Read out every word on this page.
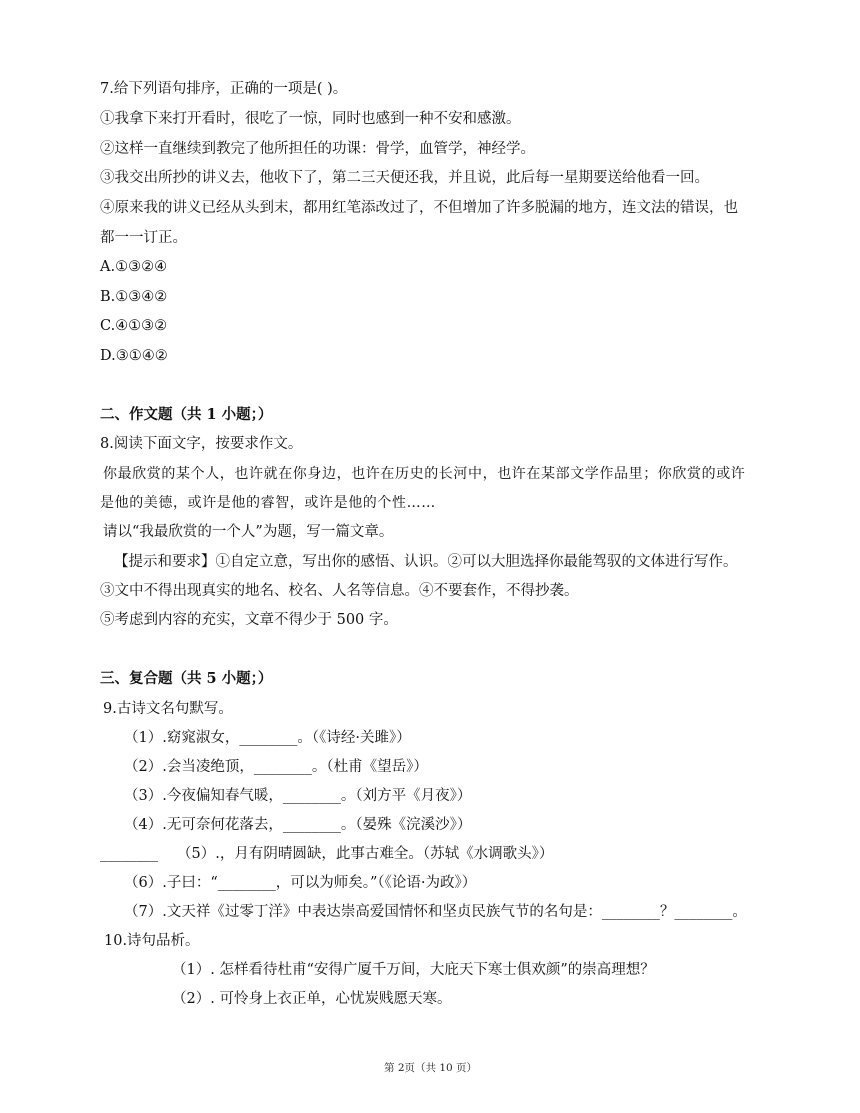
7.给下列语句排序，正确的一项是( )。
①我拿下来打开看时，很吃了一惊，同时也感到一种不安和感激。
②这样一直继续到教完了他所担任的功课：骨学，血管学，神经学。
③我交出所抄的讲义去，他收下了，第二三天便还我，并且说，此后每一星期要送给他看一回。
④原来我的讲义已经从头到末，都用红笔添改过了，不但增加了许多脱漏的地方，连文法的错误，也
都一一订正。
A.①③②④
B.①③④②
C.④①③②
D.③①④②
二、作文题（共 1 小题；）
8.阅读下面文字，按要求作文。
你最欣赏的某个人，也许就在你身边，也许在历史的长河中，也许在某部文学作品里；你欣赏的或许
是他的美德，或许是他的睿智，或许是他的个性……
请以“我最欣赏的一个人”为题，写一篇文章。
【提示和要求】①自定立意，写出你的感悟、认识。②可以大胆选择你最能驾驭的文体进行写作。
③文中不得出现真实的地名、校名、人名等信息。④不要套作，不得抄袭。
⑤考虑到内容的充实，文章不得少于 500 字。
三、复合题（共 5 小题；）
9.古诗文名句默写。
（1）.窈窕淑女，________。（《诗经·关雎》）
（2）.会当凌绝顶，________。（杜甫《望岳》）
（3）.今夜偏知春气暖，________。（刘方平《月夜》）
（4）.无可奈何花落去，________。（晏殊《浣溪沙》）
________ （5）.，月有阴晴圆缺，此事古难全。（苏轼《水调歌头》）
（6）.子曰：“________，可以为师矣。”（《论语·为政》）
（7）.文天祥《过零丁洋》中表达崇高爱国情怀和坚贞民族气节的名句是：________？________。
10.诗句品析。
（1）. 怎样看待杜甫“安得广厦千万间，大庇天下寒士俱欢颜”的崇高理想？
（2）. 可怜身上衣正单，心忧炭贱愿天寒。
第 2页（共 10 页）
